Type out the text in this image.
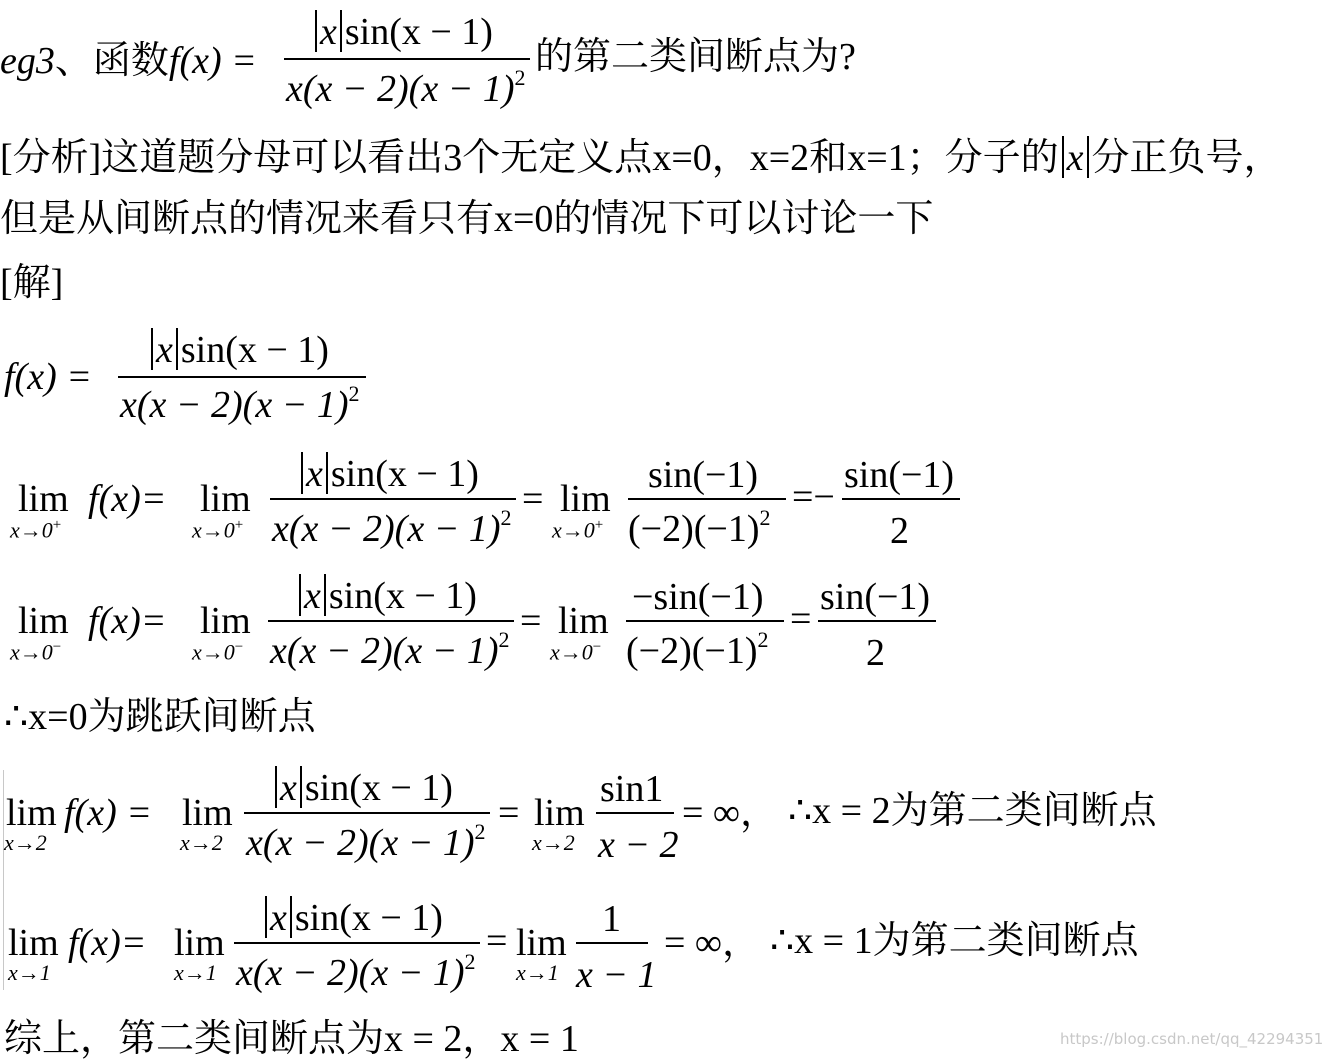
eg3、函数f(x) =
x sin(x − 1)
$x(x - 2)(x - 1)^2$ 的第二类间断点为?
[分析]这道题分母可以看出3个无定义点x=0，x=2和x=1；分子的 x 分正负号，
但是从间断点的情况来看只有x=0的情况下可以讨论一下
[解]
f(x) =
x sin(x − 1)
$x(x - 2)(x - 1)^2$
lim
x→0+
f(x)= lim
x→0+
x sin(x − 1)
$x(x - 2)(x - 1)^2 = \lim$
x→0+
sin(−1)
$(-2)(-1)^2$ =−
sin(−1)
2
lim
x→0−
f(x)= lim
x→0−
x sin(x − 1)
$x(x - 2)(x - 1)^2 = \lim$
x→0−
−sin(−1)
$(-2)(-1)^2$ =
sin(−1)
2
∴x=0为跳跃间断点
lim
x→2
f(x) = lim
x→2
x sin(x − 1)
$x(x - 2)(x - 1)^2 = \lim$
x→2
sin1
x − 2
= ∞， ∴x = 2为第二类间断点
lim
x→1
f(x)= lim
x→1
x sin(x − 1)
$x(x - 2)(x - 1)^2 = \lim$
x→1
1
x − 1
= ∞， ∴x = 1为第二类间断点
综上，第二类间断点为x = 2，x = 1	https://blog.csdn.net/qq_42294351
